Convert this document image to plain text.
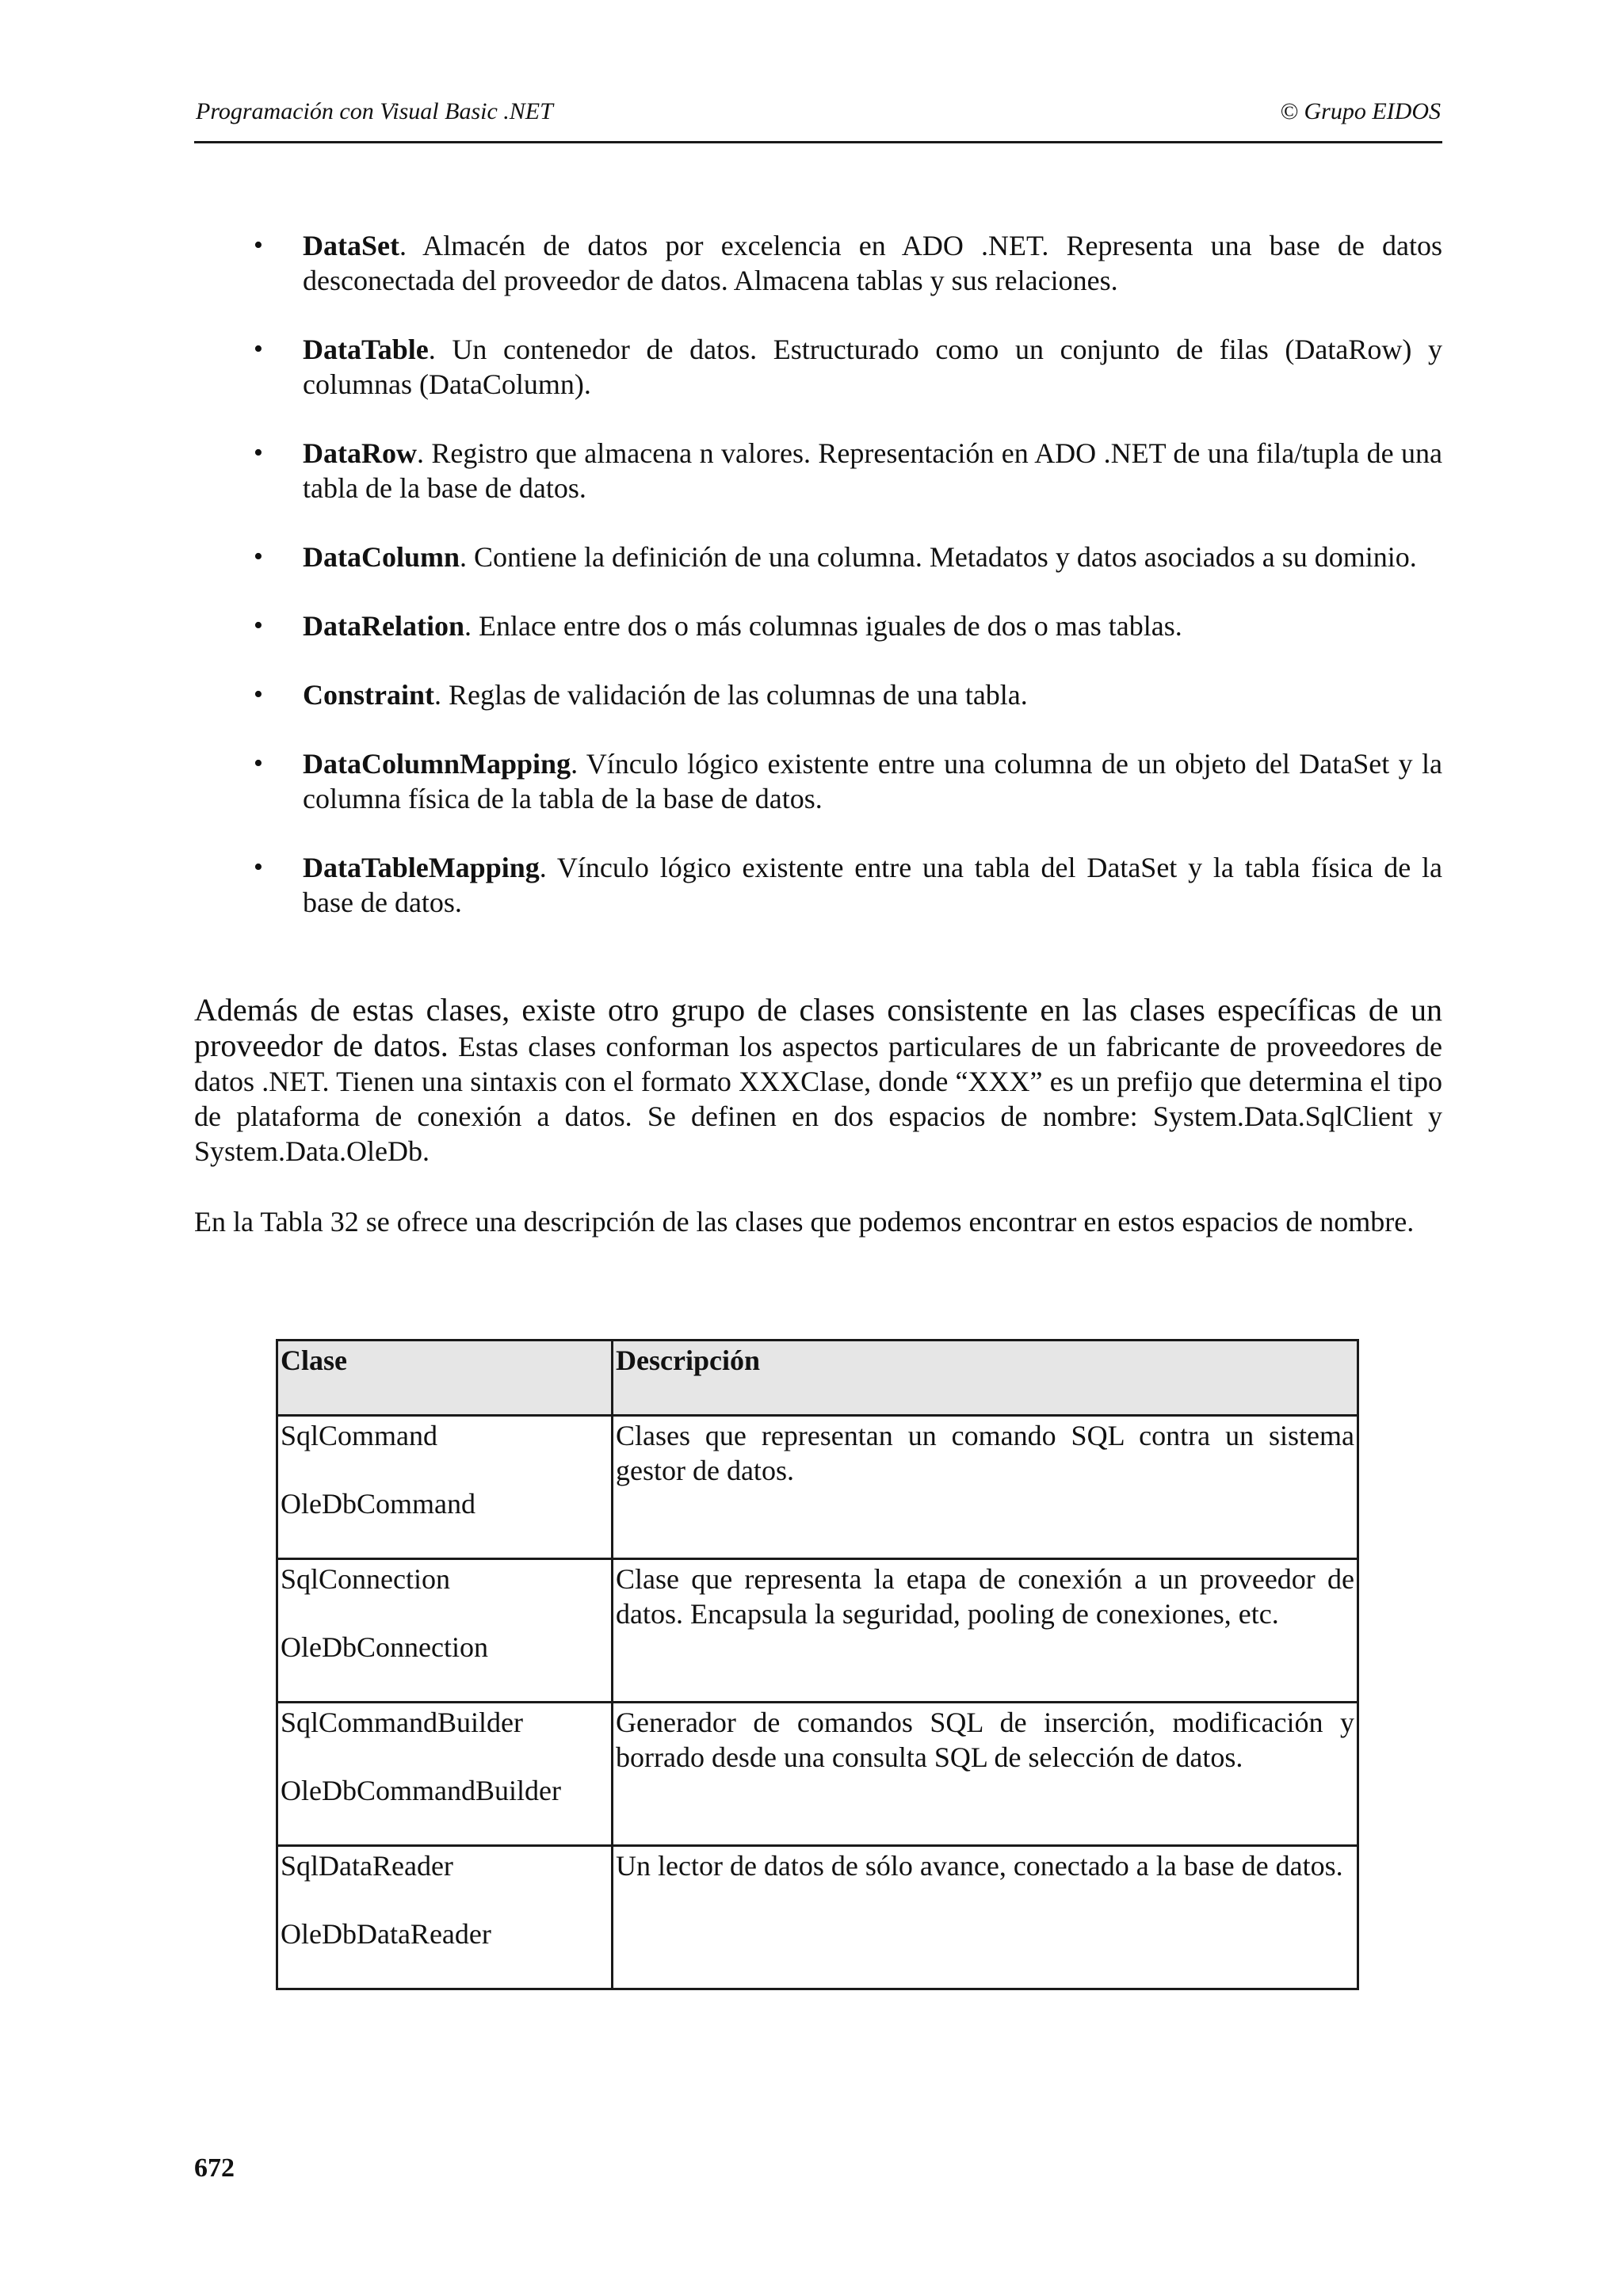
Programación con Visual Basic .NET	© Grupo EIDOS
• DataSet. Almacén de datos por excelencia en ADO .NET. Representa una base de datos desconectada del proveedor de datos. Almacena tablas y sus relaciones.
• DataTable. Un contenedor de datos. Estructurado como un conjunto de filas (DataRow) y columnas (DataColumn).
• DataRow. Registro que almacena n valores. Representación en ADO .NET de una fila/tupla de una tabla de la base de datos.
• DataColumn. Contiene la definición de una columna. Metadatos y datos asociados a su dominio.
• DataRelation. Enlace entre dos o más columnas iguales de dos o mas tablas.
• Constraint. Reglas de validación de las columnas de una tabla.
• DataColumnMapping. Vínculo lógico existente entre una columna de un objeto del DataSet y la columna física de la tabla de la base de datos.
• DataTableMapping. Vínculo lógico existente entre una tabla del DataSet y la tabla física de la base de datos.

Además de estas clases, existe otro grupo de clases consistente en las clases específicas de un proveedor de datos. Estas clases conforman los aspectos particulares de un fabricante de proveedores de datos .NET. Tienen una sintaxis con el formato XXXClase, donde “XXX” es un prefijo que determina el tipo de plataforma de conexión a datos. Se definen en dos espacios de nombre: System.Data.SqlClient y System.Data.OleDb.

En la Tabla 32 se ofrece una descripción de las clases que podemos encontrar en estos espacios de nombre.

Clase	Descripción

SqlCommand
OleDbCommand	Clases que representan un comando SQL contra un sistema gestor de datos.

SqlConnection
OleDbConnection	Clase que representa la etapa de conexión a un proveedor de datos. Encapsula la seguridad, pooling de conexiones, etc.

SqlCommandBuilder
OleDbCommandBuilder	Generador de comandos SQL de inserción, modificación y borrado desde una consulta SQL de selección de datos.

SqlDataReader
OleDbDataReader	Un lector de datos de sólo avance, conectado a la base de datos.
672
